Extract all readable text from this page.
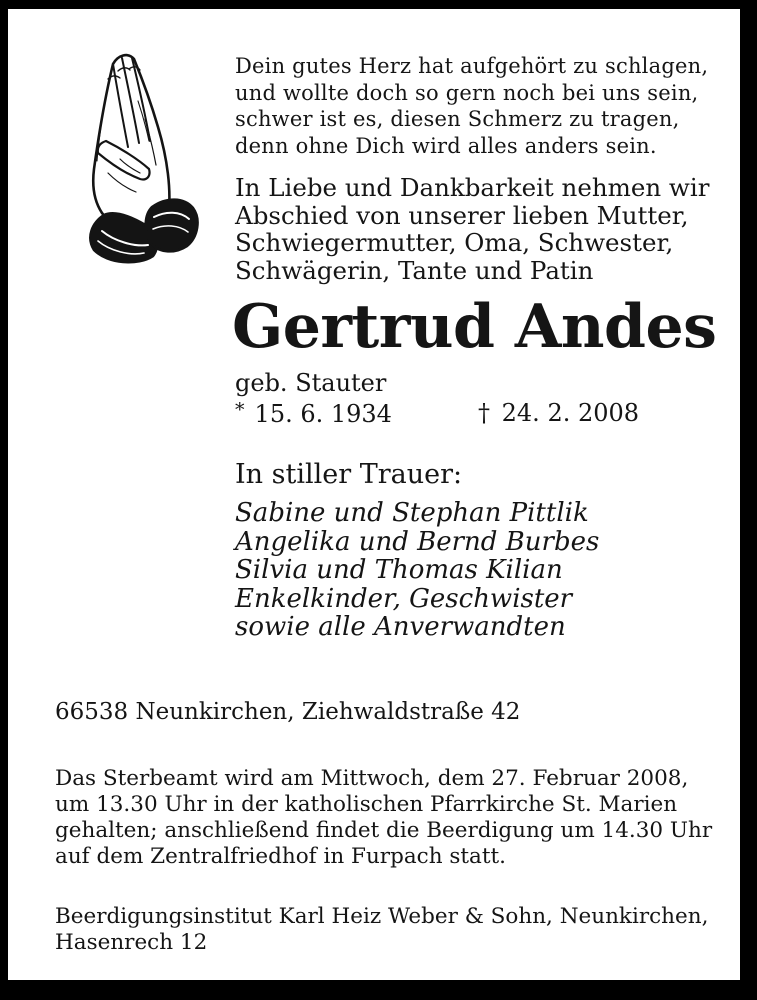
Dein gutes Herz hat aufgehört zu schlagen,
und wollte doch so gern noch bei uns sein,
schwer ist es, diesen Schmerz zu tragen,
denn ohne Dich wird alles anders sein.
In Liebe und Dankbarkeit nehmen wir
Abschied von unserer lieben Mutter,
Schwiegermutter, Oma, Schwester,
Schwägerin, Tante und Patin
Gertrud Andes
geb. Stauter
* 15. 6. 1934	† 24. 2. 2008
In stiller Trauer:
Sabine und Stephan Pittlik
Angelika und Bernd Burbes
Silvia und Thomas Kilian
Enkelkinder, Geschwister
sowie alle Anverwandten
66538 Neunkirchen, Ziehwaldstraße 42
Das Sterbeamt wird am Mittwoch, dem 27. Februar 2008,
um 13.30 Uhr in der katholischen Pfarrkirche St. Marien
gehalten; anschließend findet die Beerdigung um 14.30 Uhr
auf dem Zentralfriedhof in Furpach statt.
Beerdigungsinstitut Karl Heiz Weber & Sohn, Neunkirchen,
Hasenrech 12
